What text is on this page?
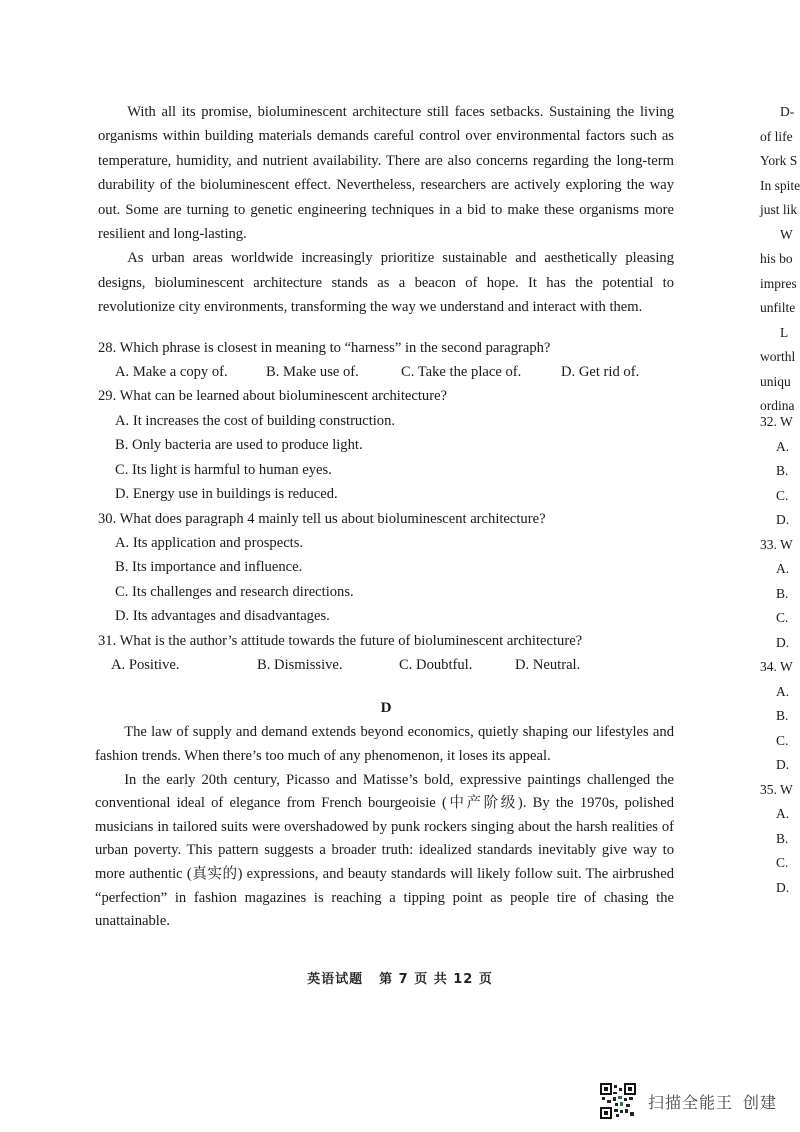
With all its promise, bioluminescent architecture still faces setbacks. Sustaining the living organisms within building materials demands careful control over environmental factors such as temperature, humidity, and nutrient availability. There are also concerns regarding the long-term durability of the bioluminescent effect. Nevertheless, researchers are actively exploring the way out. Some are turning to genetic engineering techniques in a bid to make these organisms more resilient and long-lasting.

As urban areas worldwide increasingly prioritize sustainable and aesthetically pleasing designs, bioluminescent architecture stands as a beacon of hope. It has the potential to revolutionize city environments, transforming the way we understand and interact with them.

28. Which phrase is closest in meaning to “harness” in the second paragraph?

A. Make a copy of.	B. Make use of.	C. Take the place of.	D. Get rid of.

29. What can be learned about bioluminescent architecture?

A. It increases the cost of building construction.

B. Only bacteria are used to produce light.

C. Its light is harmful to human eyes.

D. Energy use in buildings is reduced.

30. What does paragraph 4 mainly tell us about bioluminescent architecture?

A. Its application and prospects.

B. Its importance and influence.

C. Its challenges and research directions.

D. Its advantages and disadvantages.

31. What is the author’s attitude towards the future of bioluminescent architecture?

A. Positive.	B. Dismissive.	C. Doubtful.	D. Neutral.
D

The law of supply and demand extends beyond economics, quietly shaping our lifestyles and fashion trends. When there’s too much of any phenomenon, it loses its appeal.

In the early 20th century, Picasso and Matisse’s bold, expressive paintings challenged the conventional ideal of elegance from French bourgeoisie (中产阶级). By the 1970s, polished musicians in tailored suits were overshadowed by punk rockers singing about the harsh realities of urban poverty. This pattern suggests a broader truth: idealized standards inevitably give way to more authentic (真实的) expressions, and beauty standards will likely follow suit. The airbrushed “perfection” in fashion magazines is reaching a tipping point as people tire of chasing the unattainable.

英语试题 第 7 页 共 12 页
D-
of life
York S
In spite
just lik
W
his bo
impres
unfilte
L
worthl
uniqu
ordina
32. W
A.
B.
C.
D.
33. W
A.
B.
C.
D.
34. W
A.
B.
C.
D.
35. W
A.
B.
C.
D.
扫描全能王 创建
